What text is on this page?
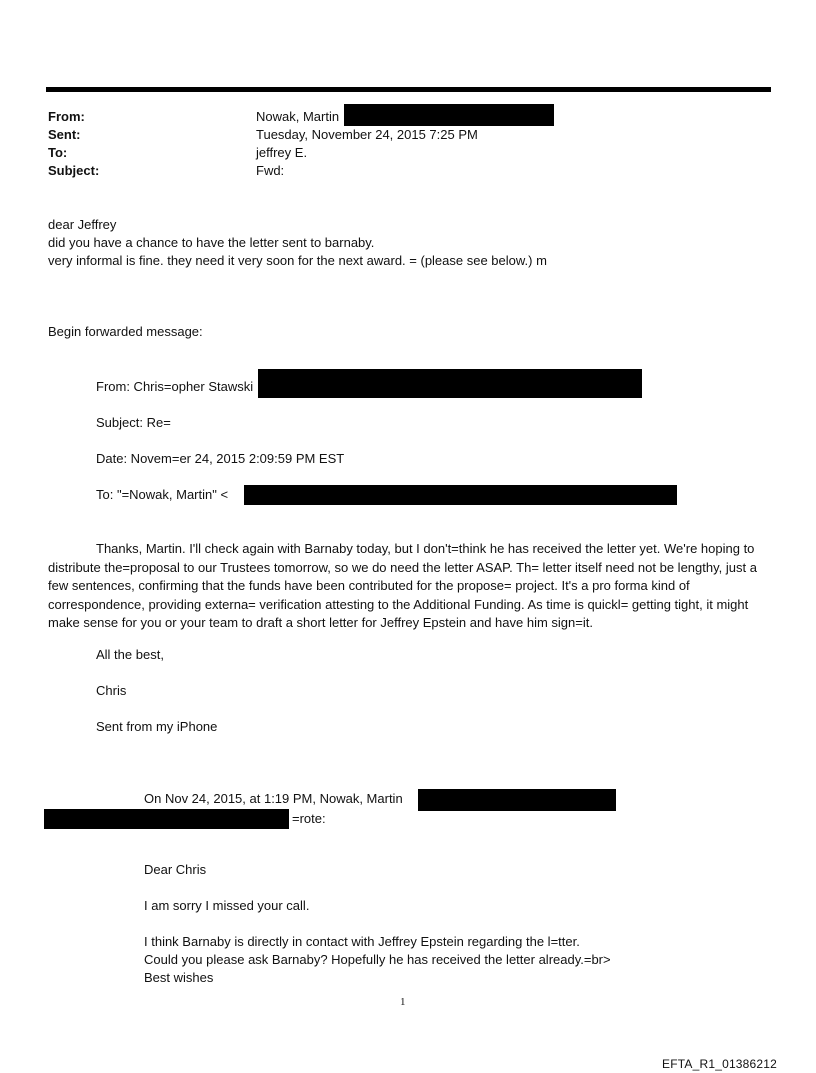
From:	Nowak, Martin
Sent:	Tuesday, November 24, 2015 7:25 PM
To:	jeffrey E.
Subject:	Fwd:
dear Jeffrey
did you have a chance to have the letter sent to barnaby.
very informal is fine. they need it very soon for the next award. = (please see below.) m
Begin forwarded message:
From: Chris=opher Stawski
Subject: Re=
Date: Novem=er 24, 2015 2:09:59 PM EST
To: "=Nowak, Martin" <
Thanks, Martin. I'll check again with Barnaby today, but I don't=think he has received the letter yet. We're hoping to distribute the=proposal to our Trustees tomorrow, so we do need the letter ASAP. Th= letter itself need not be lengthy, just a few sentences, confirming that the funds have been contributed for the propose= project. It's a pro forma kind of correspondence, providing externa= verification attesting to the Additional Funding. As time is quickl= getting tight, it might make sense for you or your team to draft a short letter for Jeffrey Epstein and have him sign=it.
All the best,
Chris
Sent from my iPhone
On Nov 24, 2015, at 1:19 PM, Nowak, Martin
=rote:
Dear Chris
I am sorry I missed your call.
I think Barnaby is directly in contact with Jeffrey Epstein regarding the l=tter.
Could you please ask Barnaby? Hopefully he has received the letter already.=br>
Best wishes
1
EFTA_R1_01386212
